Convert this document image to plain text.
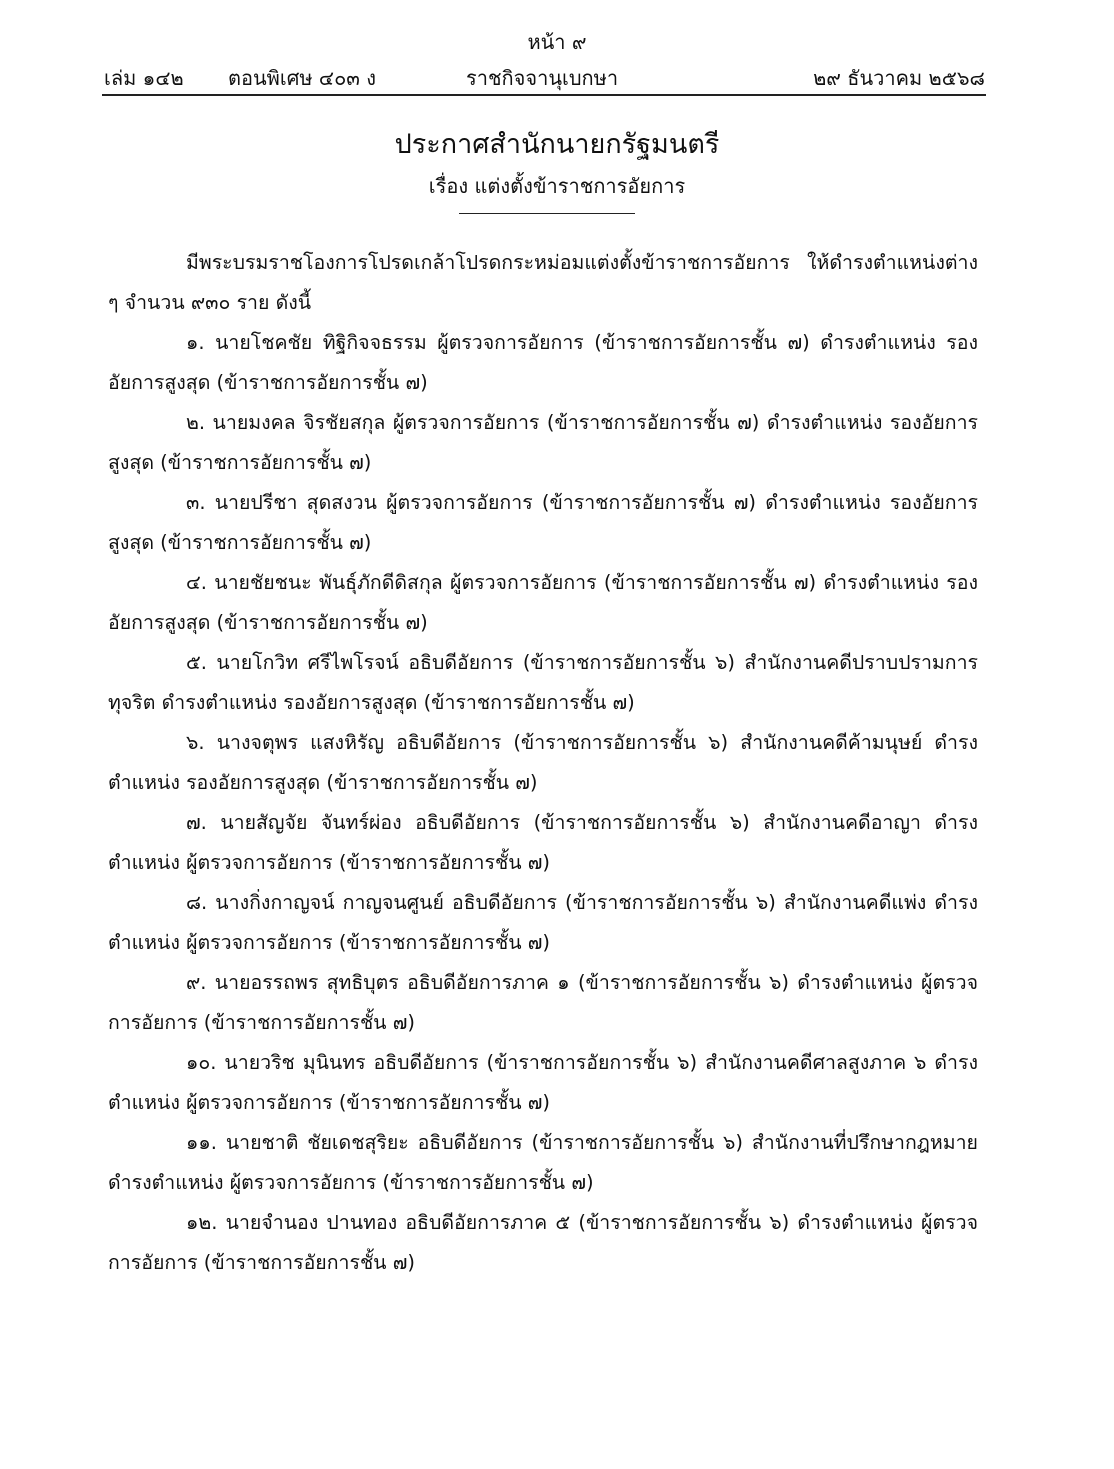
หน้า ๙
เล่ม ๑๔๒ ตอนพิเศษ ๔๐๓ ง	ราชกิจจานุเบกษา	๒๙ ธันวาคม ๒๕๖๘
ประกาศสำนักนายกรัฐมนตรี
เรื่อง แต่งตั้งข้าราชการอัยการ

มีพระบรมราชโองการโปรดเกล้าโปรดกระหม่อมแต่งตั้งข้าราชการอัยการ ให้ดำรงตำแหน่งต่าง ๆ จำนวน ๙๓๐ ราย ดังนี้

๑. นายโชคชัย ทิฐิกิจจธรรม ผู้ตรวจการอัยการ (ข้าราชการอัยการชั้น ๗) ดำรงตำแหน่ง รองอัยการสูงสุด (ข้าราชการอัยการชั้น ๗)

๒. นายมงคล จิรชัยสกุล ผู้ตรวจการอัยการ (ข้าราชการอัยการชั้น ๗) ดำรงตำแหน่ง รองอัยการสูงสุด (ข้าราชการอัยการชั้น ๗)

๓. นายปรีชา สุดสงวน ผู้ตรวจการอัยการ (ข้าราชการอัยการชั้น ๗) ดำรงตำแหน่ง รองอัยการสูงสุด (ข้าราชการอัยการชั้น ๗)

๔. นายชัยชนะ พันธุ์ภักดีดิสกุล ผู้ตรวจการอัยการ (ข้าราชการอัยการชั้น ๗) ดำรงตำแหน่ง รองอัยการสูงสุด (ข้าราชการอัยการชั้น ๗)

๕. นายโกวิท ศรีไพโรจน์ อธิบดีอัยการ (ข้าราชการอัยการชั้น ๖) สำนักงานคดีปราบปรามการทุจริต ดำรงตำแหน่ง รองอัยการสูงสุด (ข้าราชการอัยการชั้น ๗)

๖. นางจตุพร แสงหิรัญ อธิบดีอัยการ (ข้าราชการอัยการชั้น ๖) สำนักงานคดีค้ามนุษย์ ดำรงตำแหน่ง รองอัยการสูงสุด (ข้าราชการอัยการชั้น ๗)

๗. นายสัญจัย จันทร์ผ่อง อธิบดีอัยการ (ข้าราชการอัยการชั้น ๖) สำนักงานคดีอาญา ดำรงตำแหน่ง ผู้ตรวจการอัยการ (ข้าราชการอัยการชั้น ๗)

๘. นางกิ่งกาญจน์ กาญจนศูนย์ อธิบดีอัยการ (ข้าราชการอัยการชั้น ๖) สำนักงานคดีแพ่ง ดำรงตำแหน่ง ผู้ตรวจการอัยการ (ข้าราชการอัยการชั้น ๗)

๙. นายอรรถพร สุทธิบุตร อธิบดีอัยการภาค ๑ (ข้าราชการอัยการชั้น ๖) ดำรงตำแหน่ง ผู้ตรวจการอัยการ (ข้าราชการอัยการชั้น ๗)

๑๐. นายวริช มุนินทร อธิบดีอัยการ (ข้าราชการอัยการชั้น ๖) สำนักงานคดีศาลสูงภาค ๖ ดำรงตำแหน่ง ผู้ตรวจการอัยการ (ข้าราชการอัยการชั้น ๗)

๑๑. นายชาติ ชัยเดชสุริยะ อธิบดีอัยการ (ข้าราชการอัยการชั้น ๖) สำนักงานที่ปรึกษากฎหมาย ดำรงตำแหน่ง ผู้ตรวจการอัยการ (ข้าราชการอัยการชั้น ๗)

๑๒. นายจำนอง ปานทอง อธิบดีอัยการภาค ๕ (ข้าราชการอัยการชั้น ๖) ดำรงตำแหน่ง ผู้ตรวจการอัยการ (ข้าราชการอัยการชั้น ๗)
